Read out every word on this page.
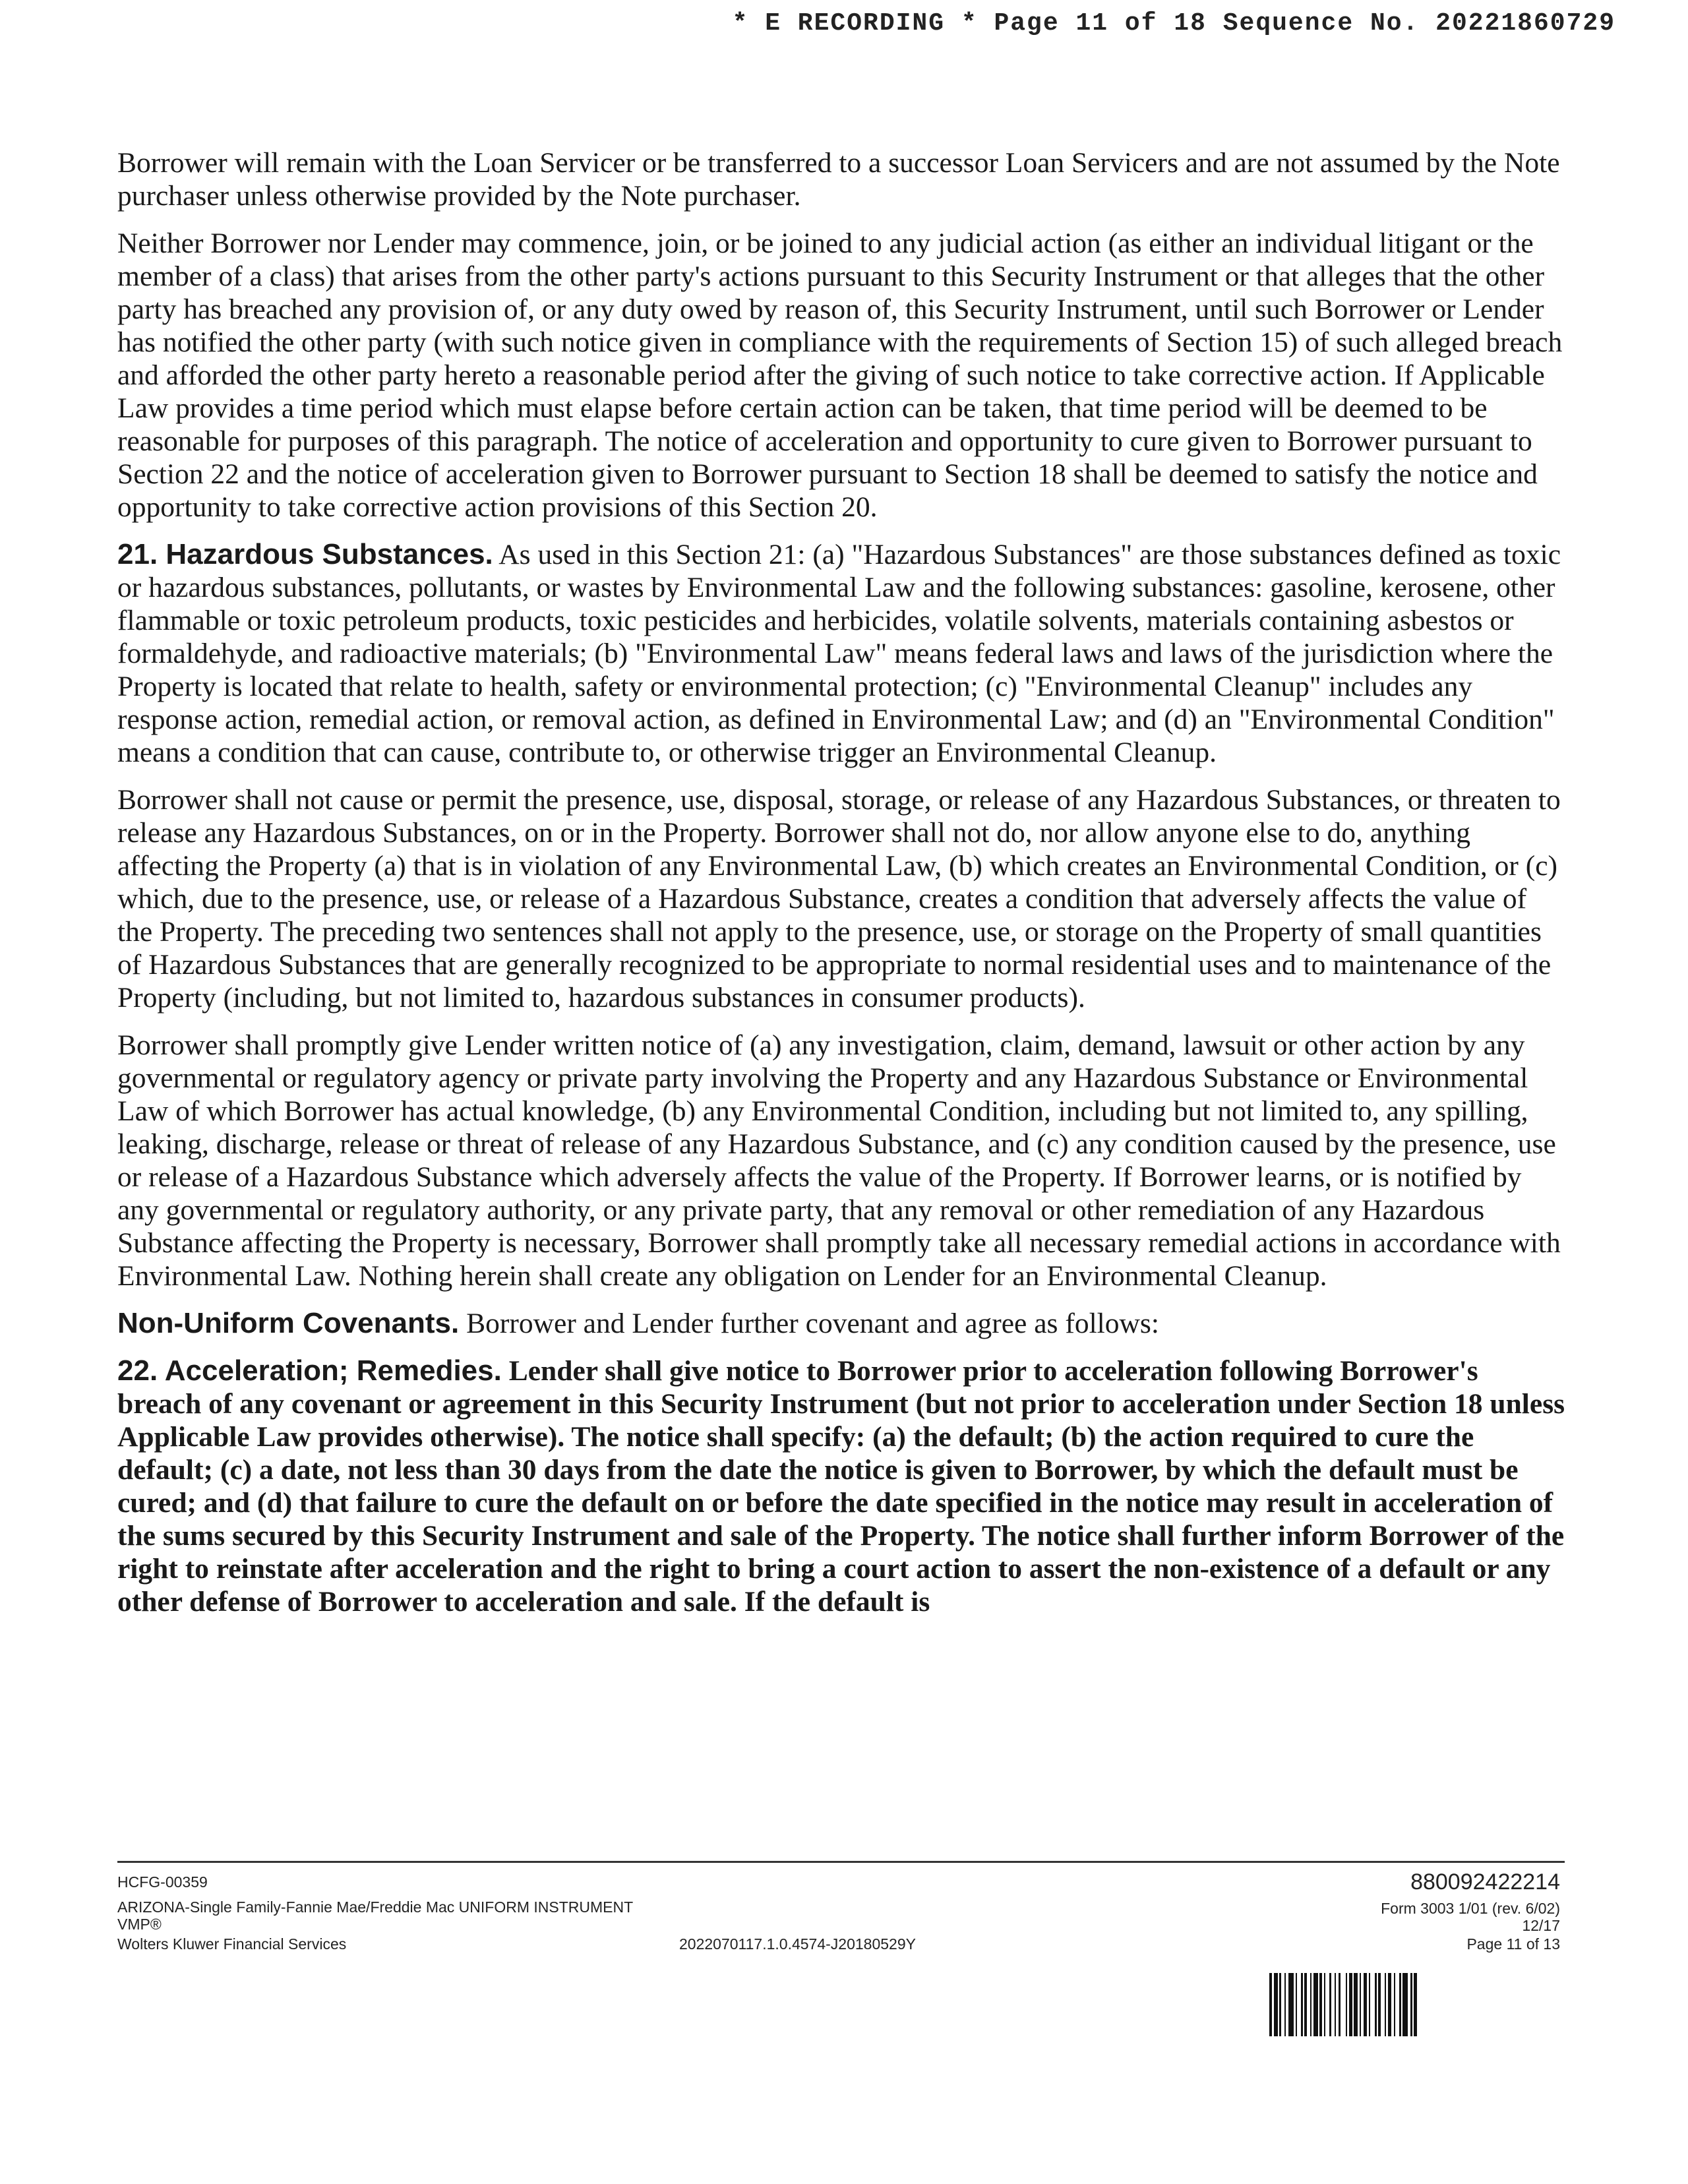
* E RECORDING * Page 11 of 18 Sequence No. 20221860729

Borrower will remain with the Loan Servicer or be transferred to a successor Loan Servicers and are not assumed by the Note purchaser unless otherwise provided by the Note purchaser.

Neither Borrower nor Lender may commence, join, or be joined to any judicial action (as either an individual litigant or the member of a class) that arises from the other party's actions pursuant to this Security Instrument or that alleges that the other party has breached any provision of, or any duty owed by reason of, this Security Instrument, until such Borrower or Lender has notified the other party (with such notice given in compliance with the requirements of Section 15) of such alleged breach and afforded the other party hereto a reasonable period after the giving of such notice to take corrective action. If Applicable Law provides a time period which must elapse before certain action can be taken, that time period will be deemed to be reasonable for purposes of this paragraph. The notice of acceleration and opportunity to cure given to Borrower pursuant to Section 22 and the notice of acceleration given to Borrower pursuant to Section 18 shall be deemed to satisfy the notice and opportunity to take corrective action provisions of this Section 20.

21. Hazardous Substances. As used in this Section 21: (a) "Hazardous Substances" are those substances defined as toxic or hazardous substances, pollutants, or wastes by Environmental Law and the following substances: gasoline, kerosene, other flammable or toxic petroleum products, toxic pesticides and herbicides, volatile solvents, materials containing asbestos or formaldehyde, and radioactive materials; (b) "Environmental Law" means federal laws and laws of the jurisdiction where the Property is located that relate to health, safety or environmental protection; (c) "Environmental Cleanup" includes any response action, remedial action, or removal action, as defined in Environmental Law; and (d) an "Environmental Condition" means a condition that can cause, contribute to, or otherwise trigger an Environmental Cleanup.

Borrower shall not cause or permit the presence, use, disposal, storage, or release of any Hazardous Substances, or threaten to release any Hazardous Substances, on or in the Property. Borrower shall not do, nor allow anyone else to do, anything affecting the Property (a) that is in violation of any Environmental Law, (b) which creates an Environmental Condition, or (c) which, due to the presence, use, or release of a Hazardous Substance, creates a condition that adversely affects the value of the Property. The preceding two sentences shall not apply to the presence, use, or storage on the Property of small quantities of Hazardous Substances that are generally recognized to be appropriate to normal residential uses and to maintenance of the Property (including, but not limited to, hazardous substances in consumer products).

Borrower shall promptly give Lender written notice of (a) any investigation, claim, demand, lawsuit or other action by any governmental or regulatory agency or private party involving the Property and any Hazardous Substance or Environmental Law of which Borrower has actual knowledge, (b) any Environmental Condition, including but not limited to, any spilling, leaking, discharge, release or threat of release of any Hazardous Substance, and (c) any condition caused by the presence, use or release of a Hazardous Substance which adversely affects the value of the Property. If Borrower learns, or is notified by any governmental or regulatory authority, or any private party, that any removal or other remediation of any Hazardous Substance affecting the Property is necessary, Borrower shall promptly take all necessary remedial actions in accordance with Environmental Law. Nothing herein shall create any obligation on Lender for an Environmental Cleanup.

Non-Uniform Covenants. Borrower and Lender further covenant and agree as follows:

22. Acceleration; Remedies. Lender shall give notice to Borrower prior to acceleration following Borrower's breach of any covenant or agreement in this Security Instrument (but not prior to acceleration under Section 18 unless Applicable Law provides otherwise). The notice shall specify: (a) the default; (b) the action required to cure the default; (c) a date, not less than 30 days from the date the notice is given to Borrower, by which the default must be cured; and (d) that failure to cure the default on or before the date specified in the notice may result in acceleration of the sums secured by this Security Instrument and sale of the Property. The notice shall further inform Borrower of the right to reinstate after acceleration and the right to bring a court action to assert the non-existence of a default or any other defense of Borrower to acceleration and sale. If the default is

HCFG-00359
ARIZONA-Single Family-Fannie Mae/Freddie Mac UNIFORM INSTRUMENT
VMP®
Wolters Kluwer Financial Services	2022070117.1.0.4574-J20180529Y
880092422214
Form 3003 1/01 (rev. 6/02)
12/17
Page 11 of 13
